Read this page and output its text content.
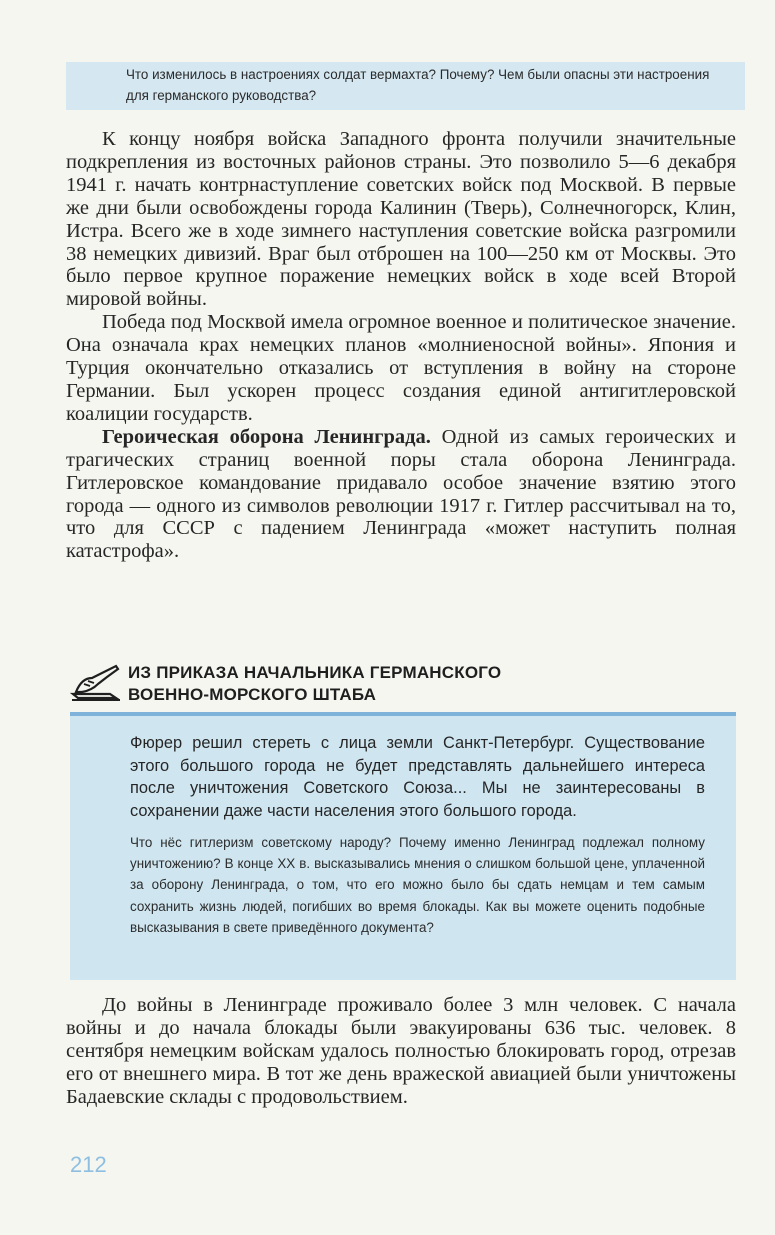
Что изменилось в настроениях солдат вермахта? Почему? Чем были опасны эти настроения для германского руководства?

К концу ноября войска Западного фронта получили значительные подкрепления из восточных районов страны. Это позволило 5—6 декабря 1941 г. начать контрнаступление советских войск под Москвой. В первые же дни были освобождены города Калинин (Тверь), Солнечногорск, Клин, Истра. Всего же в ходе зимнего наступления советские войска разгромили 38 немецких дивизий. Враг был отброшен на 100—250 км от Москвы. Это было первое крупное поражение немецких войск в ходе всей Второй мировой войны.

Победа под Москвой имела огромное военное и политическое значение. Она означала крах немецких планов «молниеносной войны». Япония и Турция окончательно отказались от вступления в войну на стороне Германии. Был ускорен процесс создания единой антигитлеровской коалиции государств.

Героическая оборона Ленинграда. Одной из самых героических и трагических страниц военной поры стала оборона Ленинграда. Гитлеровское командование придавало особое значение взятию этого города — одного из символов революции 1917 г. Гитлер рассчитывал на то, что для СССР с падением Ленинграда «может наступить полная катастрофа».

ИЗ ПРИКАЗА НАЧАЛЬНИКА ГЕРМАНСКОГО
ВОЕННО-МОРСКОГО ШТАБА

Фюрер решил стереть с лица земли Санкт-Петербург. Существование этого большого города не будет представлять дальнейшего интереса после уничтожения Советского Союза... Мы не заинтересованы в сохранении даже части населения этого большого города.

Что нёс гитлеризм советскому народу? Почему именно Ленинград подлежал полному уничтожению? В конце XX в. высказывались мнения о слишком большой цене, уплаченной за оборону Ленинграда, о том, что его можно было бы сдать немцам и тем самым сохранить жизнь людей, погибших во время блокады. Как вы можете оценить подобные высказывания в свете приведённого документа?

До войны в Ленинграде проживало более 3 млн человек. С начала войны и до начала блокады были эвакуированы 636 тыс. человек. 8 сентября немецким войскам удалось полностью блокировать город, отрезав его от внешнего мира. В тот же день вражеской авиацией были уничтожены Бадаевские склады с продовольствием.

212
